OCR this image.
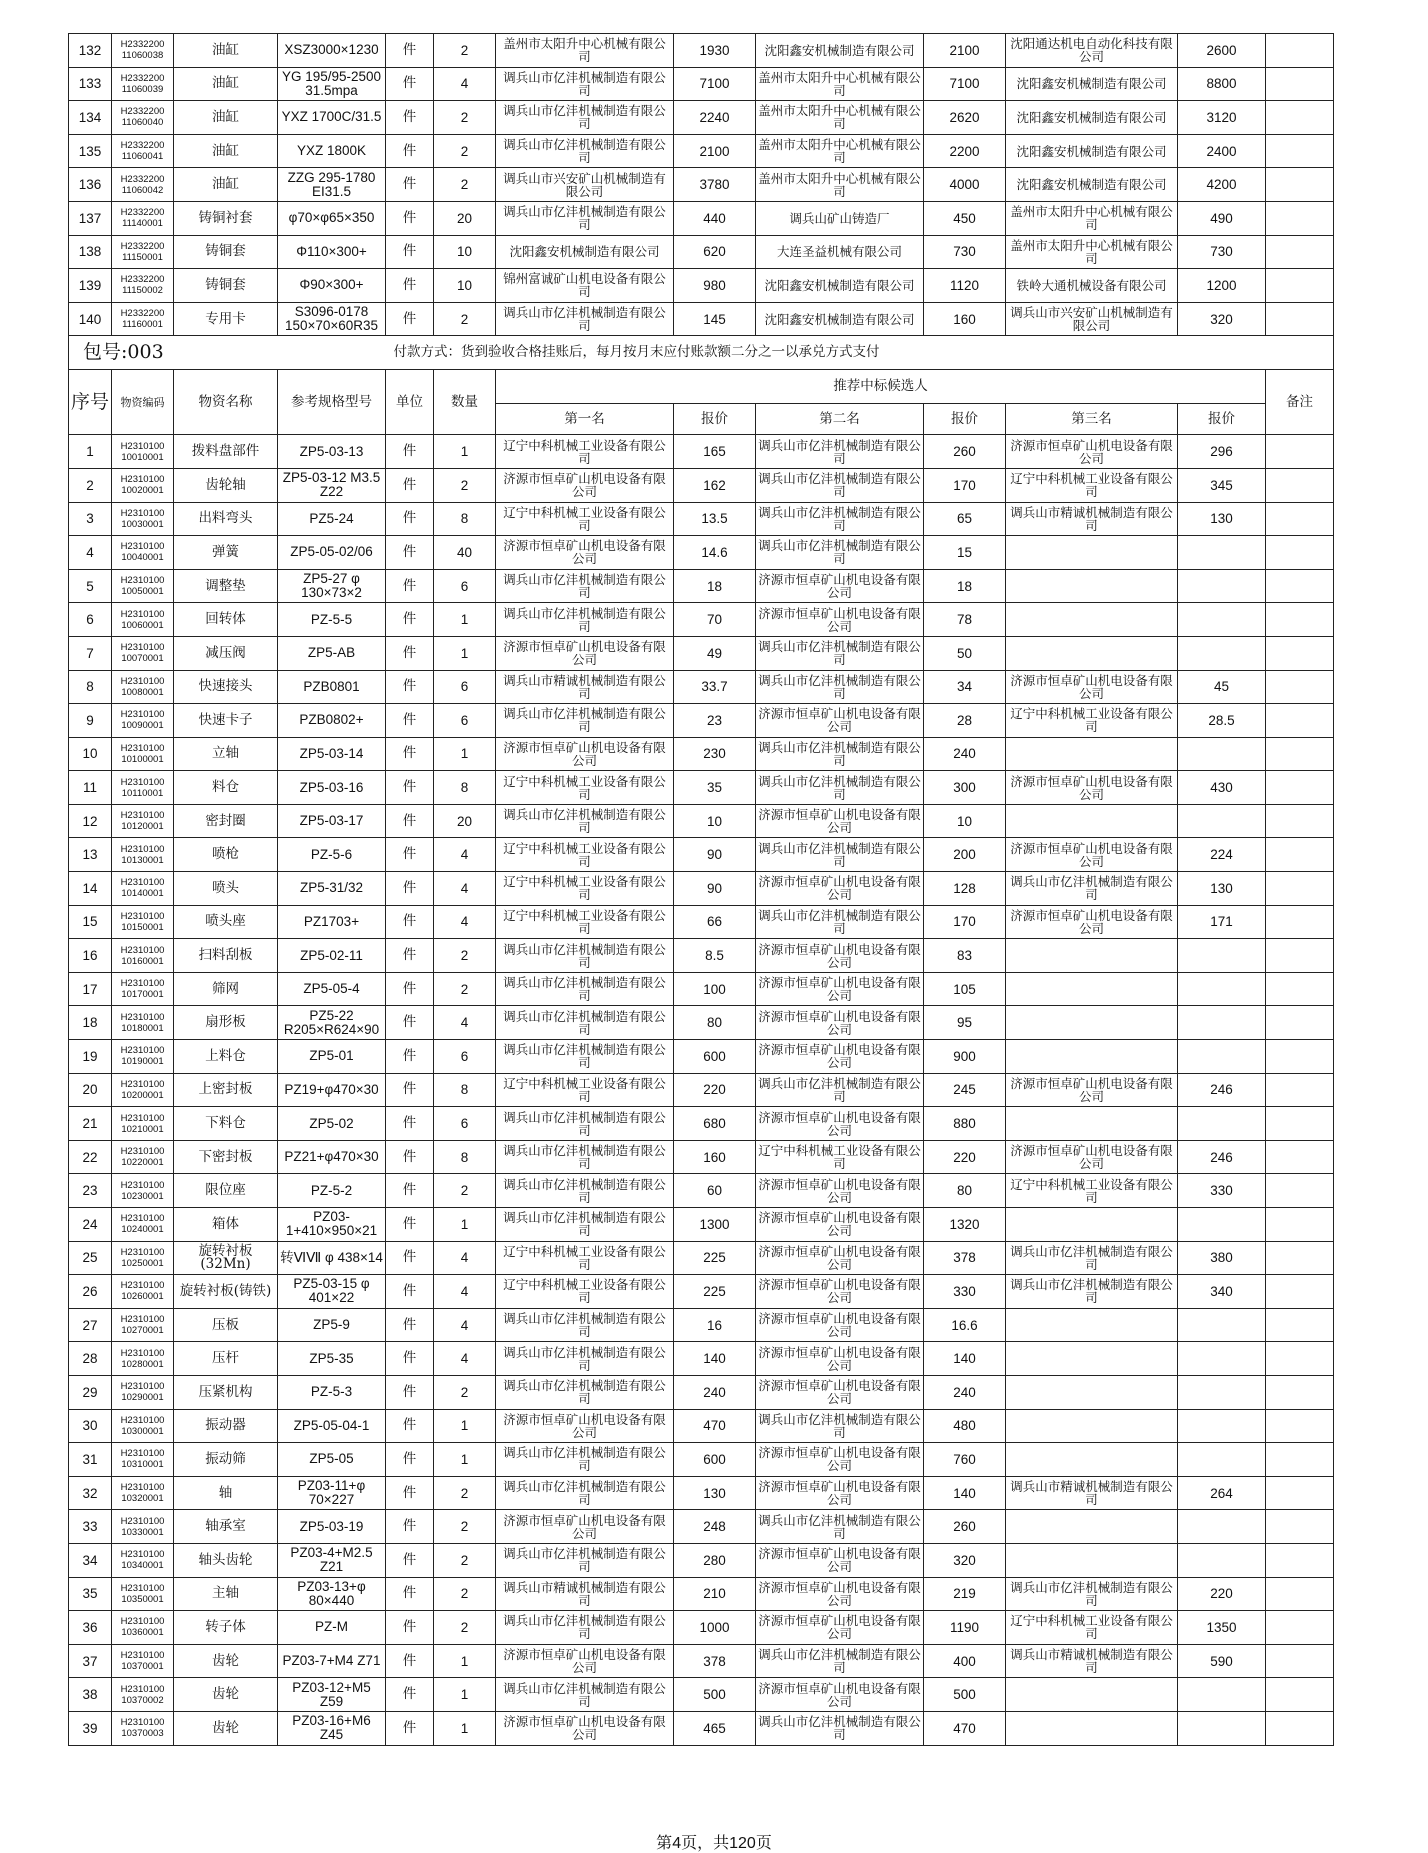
132	H2332200 11060038	油缸	XSZ3000×1230	件	2	盖州市太阳升中心机械有限公司	1930	沈阳鑫安机械制造有限公司	2100	沈阳通达机电自动化科技有限公司	2600	
133	H2332200 11060039	油缸	YG 195/95-2500 31.5mpa	件	4	调兵山市亿沣机械制造有限公司	7100	盖州市太阳升中心机械有限公司	7100	沈阳鑫安机械制造有限公司	8800	
134	H2332200 11060040	油缸	YXZ 1700C/31.5	件	2	调兵山市亿沣机械制造有限公司	2240	盖州市太阳升中心机械有限公司	2620	沈阳鑫安机械制造有限公司	3120	
135	H2332200 11060041	油缸	YXZ 1800K	件	2	调兵山市亿沣机械制造有限公司	2100	盖州市太阳升中心机械有限公司	2200	沈阳鑫安机械制造有限公司	2400	
136	H2332200 11060042	油缸	ZZG 295-1780 EI31.5	件	2	调兵山市兴安矿山机械制造有限公司	3780	盖州市太阳升中心机械有限公司	4000	沈阳鑫安机械制造有限公司	4200	
137	H2332200 11140001	铸铜衬套	φ70×φ65×350	件	20	调兵山市亿沣机械制造有限公司	440	调兵山矿山铸造厂	450	盖州市太阳升中心机械有限公司	490	
138	H2332200 11150001	铸铜套	Φ110×300+	件	10	沈阳鑫安机械制造有限公司	620	大连圣益机械有限公司	730	盖州市太阳升中心机械有限公司	730	
139	H2332200 11150002	铸铜套	Φ90×300+	件	10	锦州富诚矿山机电设备有限公司	980	沈阳鑫安机械制造有限公司	1120	铁岭大通机械设备有限公司	1200	
140	H2332200 11160001	专用卡	S3096-0178 150×70×60R35	件	2	调兵山市亿沣机械制造有限公司	145	沈阳鑫安机械制造有限公司	160	调兵山市兴安矿山机械制造有限公司	320	
包号:003				付款方式：货到验收合格挂账后，每月按月末应付账款额二分之一以承兑方式支付								
序号	物资编码	物资名称	参考规格型号	单位	数量	推荐中标候选人						备注
						第一名	报价	第二名	报价	第三名	报价	
1	H2310100 10010001	拨料盘部件	ZP5-03-13	件	1	辽宁中科机械工业设备有限公司	165	调兵山市亿沣机械制造有限公司	260	济源市恒卓矿山机电设备有限公司	296	
2	H2310100 10020001	齿轮轴	ZP5-03-12 M3.5 Z22	件	2	济源市恒卓矿山机电设备有限公司	162	调兵山市亿沣机械制造有限公司	170	辽宁中科机械工业设备有限公司	345	
3	H2310100 10030001	出料弯头	PZ5-24	件	8	辽宁中科机械工业设备有限公司	13.5	调兵山市亿沣机械制造有限公司	65	调兵山市精诚机械制造有限公司	130	
4	H2310100 10040001	弹簧	ZP5-05-02/06	件	40	济源市恒卓矿山机电设备有限公司	14.6	调兵山市亿沣机械制造有限公司	15			
5	H2310100 10050001	调整垫	ZP5-27 φ 130×73×2	件	6	调兵山市亿沣机械制造有限公司	18	济源市恒卓矿山机电设备有限公司	18			
6	H2310100 10060001	回转体	PZ-5-5	件	1	调兵山市亿沣机械制造有限公司	70	济源市恒卓矿山机电设备有限公司	78			
7	H2310100 10070001	减压阀	ZP5-AB	件	1	济源市恒卓矿山机电设备有限公司	49	调兵山市亿沣机械制造有限公司	50			
8	H2310100 10080001	快速接头	PZB0801	件	6	调兵山市精诚机械制造有限公司	33.7	调兵山市亿沣机械制造有限公司	34	济源市恒卓矿山机电设备有限公司	45	
9	H2310100 10090001	快速卡子	PZB0802+	件	6	调兵山市亿沣机械制造有限公司	23	济源市恒卓矿山机电设备有限公司	28	辽宁中科机械工业设备有限公司	28.5	
10	H2310100 10100001	立轴	ZP5-03-14	件	1	济源市恒卓矿山机电设备有限公司	230	调兵山市亿沣机械制造有限公司	240			
11	H2310100 10110001	料仓	ZP5-03-16	件	8	辽宁中科机械工业设备有限公司	35	调兵山市亿沣机械制造有限公司	300	济源市恒卓矿山机电设备有限公司	430	
12	H2310100 10120001	密封圈	ZP5-03-17	件	20	调兵山市亿沣机械制造有限公司	10	济源市恒卓矿山机电设备有限公司	10			
13	H2310100 10130001	喷枪	PZ-5-6	件	4	辽宁中科机械工业设备有限公司	90	调兵山市亿沣机械制造有限公司	200	济源市恒卓矿山机电设备有限公司	224	
14	H2310100 10140001	喷头	ZP5-31/32	件	4	辽宁中科机械工业设备有限公司	90	济源市恒卓矿山机电设备有限公司	128	调兵山市亿沣机械制造有限公司	130	
15	H2310100 10150001	喷头座	PZ1703+	件	4	辽宁中科机械工业设备有限公司	66	调兵山市亿沣机械制造有限公司	170	济源市恒卓矿山机电设备有限公司	171	
16	H2310100 10160001	扫料刮板	ZP5-02-11	件	2	调兵山市亿沣机械制造有限公司	8.5	济源市恒卓矿山机电设备有限公司	83			
17	H2310100 10170001	筛网	ZP5-05-4	件	2	调兵山市亿沣机械制造有限公司	100	济源市恒卓矿山机电设备有限公司	105			
18	H2310100 10180001	扇形板	PZ5-22 R205×R624×90	件	4	调兵山市亿沣机械制造有限公司	80	济源市恒卓矿山机电设备有限公司	95			
19	H2310100 10190001	上料仓	ZP5-01	件	6	调兵山市亿沣机械制造有限公司	600	济源市恒卓矿山机电设备有限公司	900			
20	H2310100 10200001	上密封板	PZ19+φ470×30	件	8	辽宁中科机械工业设备有限公司	220	调兵山市亿沣机械制造有限公司	245	济源市恒卓矿山机电设备有限公司	246	
21	H2310100 10210001	下料仓	ZP5-02	件	6	调兵山市亿沣机械制造有限公司	680	济源市恒卓矿山机电设备有限公司	880			
22	H2310100 10220001	下密封板	PZ21+φ470×30	件	8	调兵山市亿沣机械制造有限公司	160	辽宁中科机械工业设备有限公司	220	济源市恒卓矿山机电设备有限公司	246	
23	H2310100 10230001	限位座	PZ-5-2	件	2	调兵山市亿沣机械制造有限公司	60	济源市恒卓矿山机电设备有限公司	80	辽宁中科机械工业设备有限公司	330	
24	H2310100 10240001	箱体	PZ03-1+410×950×21	件	1	调兵山市亿沣机械制造有限公司	1300	济源市恒卓矿山机电设备有限公司	1320			
25	H2310100 10250001	旋转衬板 (32Mn)	转ⅥⅦ φ 438×14	件	4	辽宁中科机械工业设备有限公司	225	济源市恒卓矿山机电设备有限公司	378	调兵山市亿沣机械制造有限公司	380	
26	H2310100 10260001	旋转衬板(铸铁)	PZ5-03-15 φ 401×22	件	4	辽宁中科机械工业设备有限公司	225	济源市恒卓矿山机电设备有限公司	330	调兵山市亿沣机械制造有限公司	340	
27	H2310100 10270001	压板	ZP5-9	件	4	调兵山市亿沣机械制造有限公司	16	济源市恒卓矿山机电设备有限公司	16.6			
28	H2310100 10280001	压杆	ZP5-35	件	4	调兵山市亿沣机械制造有限公司	140	济源市恒卓矿山机电设备有限公司	140			
29	H2310100 10290001	压紧机构	PZ-5-3	件	2	调兵山市亿沣机械制造有限公司	240	济源市恒卓矿山机电设备有限公司	240			
30	H2310100 10300001	振动器	ZP5-05-04-1	件	1	济源市恒卓矿山机电设备有限公司	470	调兵山市亿沣机械制造有限公司	480			
31	H2310100 10310001	振动筛	ZP5-05	件	1	调兵山市亿沣机械制造有限公司	600	济源市恒卓矿山机电设备有限公司	760			
32	H2310100 10320001	轴	PZ03-11+φ 70×227	件	2	调兵山市亿沣机械制造有限公司	130	济源市恒卓矿山机电设备有限公司	140	调兵山市精诚机械制造有限公司	264	
33	H2310100 10330001	轴承室	ZP5-03-19	件	2	济源市恒卓矿山机电设备有限公司	248	调兵山市亿沣机械制造有限公司	260			
34	H2310100 10340001	轴头齿轮	PZ03-4+M2.5 Z21	件	2	调兵山市亿沣机械制造有限公司	280	济源市恒卓矿山机电设备有限公司	320			
35	H2310100 10350001	主轴	PZ03-13+φ 80×440	件	2	调兵山市精诚机械制造有限公司	210	济源市恒卓矿山机电设备有限公司	219	调兵山市亿沣机械制造有限公司	220	
36	H2310100 10360001	转子体	PZ-M	件	2	调兵山市亿沣机械制造有限公司	1000	济源市恒卓矿山机电设备有限公司	1190	辽宁中科机械工业设备有限公司	1350	
37	H2310100 10370001	齿轮	PZ03-7+M4 Z71	件	1	济源市恒卓矿山机电设备有限公司	378	调兵山市亿沣机械制造有限公司	400	调兵山市精诚机械制造有限公司	590	
38	H2310100 10370002	齿轮	PZ03-12+M5 Z59	件	1	调兵山市亿沣机械制造有限公司	500	济源市恒卓矿山机电设备有限公司	500			
39	H2310100 10370003	齿轮	PZ03-16+M6 Z45	件	1	济源市恒卓矿山机电设备有限公司	465	调兵山市亿沣机械制造有限公司	470			
第4页，共120页
